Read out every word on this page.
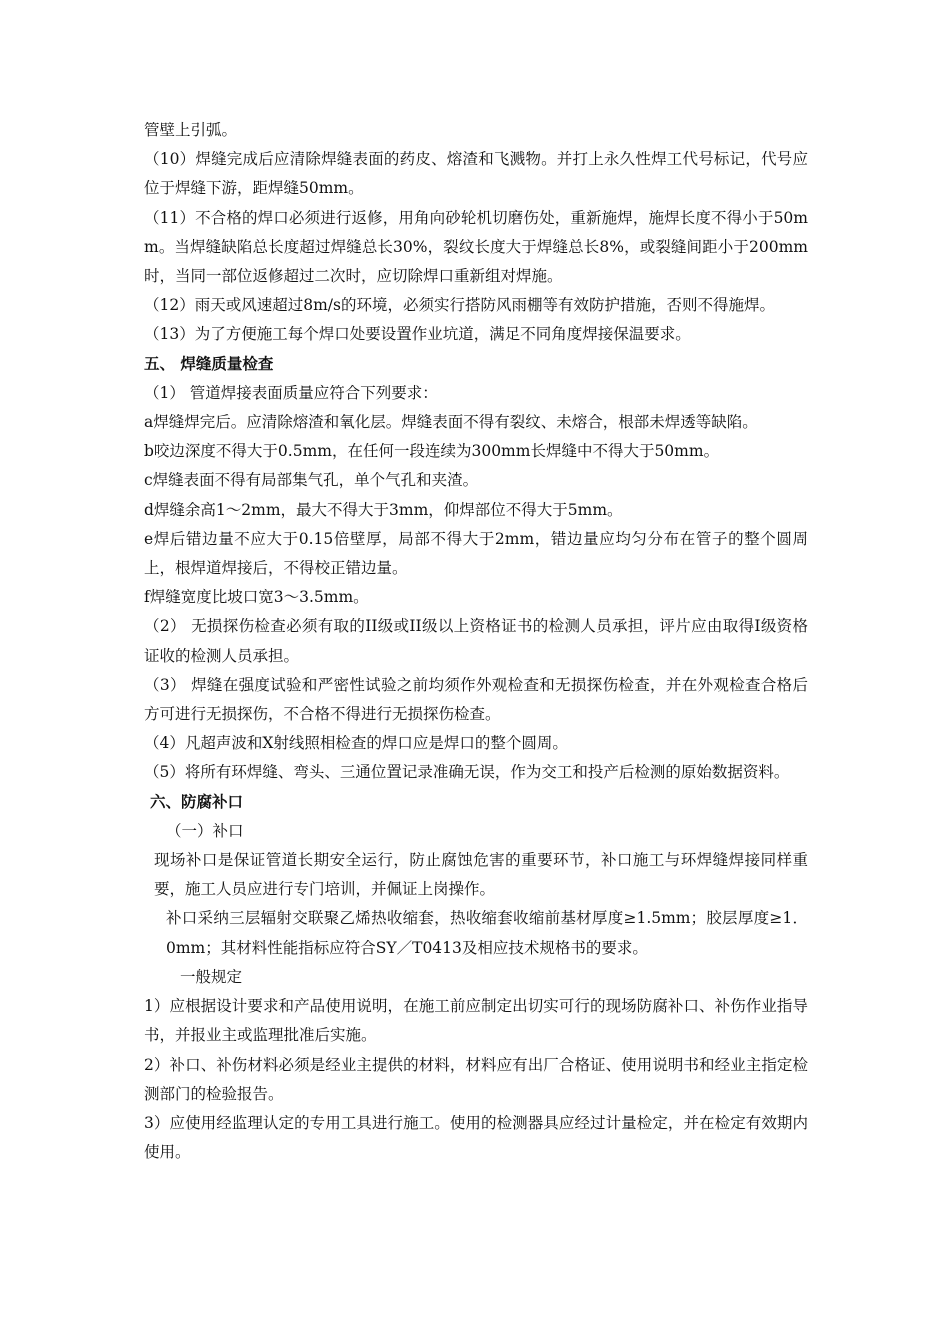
管壁上引弧。

（10）焊缝完成后应清除焊缝表面的药皮、熔渣和飞溅物。并打上永久性焊工代号标记，代号应位于焊缝下游，距焊缝50mm。

（11）不合格的焊口必须进行返修，用角向砂轮机切磨伤处，重新施焊，施焊长度不得小于50mm。当焊缝缺陷总长度超过焊缝总长30%，裂纹长度大于焊缝总长8%，或裂缝间距小于200mm时，当同一部位返修超过二次时，应切除焊口重新组对焊施。

（12）雨天或风速超过8m/s的环境，必须实行搭防风雨棚等有效防护措施，否则不得施焊。

（13）为了方便施工每个焊口处要设置作业坑道，满足不同角度焊接保温要求。

五、 焊缝质量检查

（1） 管道焊接表面质量应符合下列要求：

a焊缝焊完后。应清除熔渣和氧化层。焊缝表面不得有裂纹、未熔合，根部未焊透等缺陷。

b咬边深度不得大于0.5mm，在任何一段连续为300mm长焊缝中不得大于50mm。

c焊缝表面不得有局部集气孔，单个气孔和夹渣。

d焊缝余高1～2mm，最大不得大于3mm，仰焊部位不得大于5mm。

e焊后错边量不应大于0.15倍壁厚，局部不得大于2mm，错边量应均匀分布在管子的整个圆周上，根焊道焊接后，不得校正错边量。

f焊缝宽度比坡口宽3～3.5mm。

（2） 无损探伤检查必须有取的II级或II级以上资格证书的检测人员承担，评片应由取得I级资格证收的检测人员承担。

（3） 焊缝在强度试验和严密性试验之前均须作外观检查和无损探伤检查，并在外观检查合格后方可进行无损探伤，不合格不得进行无损探伤检查。

（4）凡超声波和X射线照相检查的焊口应是焊口的整个圆周。

（5）将所有环焊缝、弯头、三通位置记录准确无误，作为交工和投产后检测的原始数据资料。

六、防腐补口

（一）补口

现场补口是保证管道长期安全运行，防止腐蚀危害的重要环节，补口施工与环焊缝焊接同样重要，施工人员应进行专门培训，并佩证上岗操作。

补口采纳三层辐射交联聚乙烯热收缩套，热收缩套收缩前基材厚度≥1.5mm；胶层厚度≥1．0mm；其材料性能指标应符合SY／T0413及相应技术规格书的要求。

一般规定

1）应根据设计要求和产品使用说明，在施工前应制定出切实可行的现场防腐补口、补伤作业指导书，并报业主或监理批准后实施。

2）补口、补伤材料必须是经业主提供的材料，材料应有出厂合格证、使用说明书和经业主指定检测部门的检验报告。

3）应使用经监理认定的专用工具进行施工。使用的检测器具应经过计量检定，并在检定有效期内使用。
